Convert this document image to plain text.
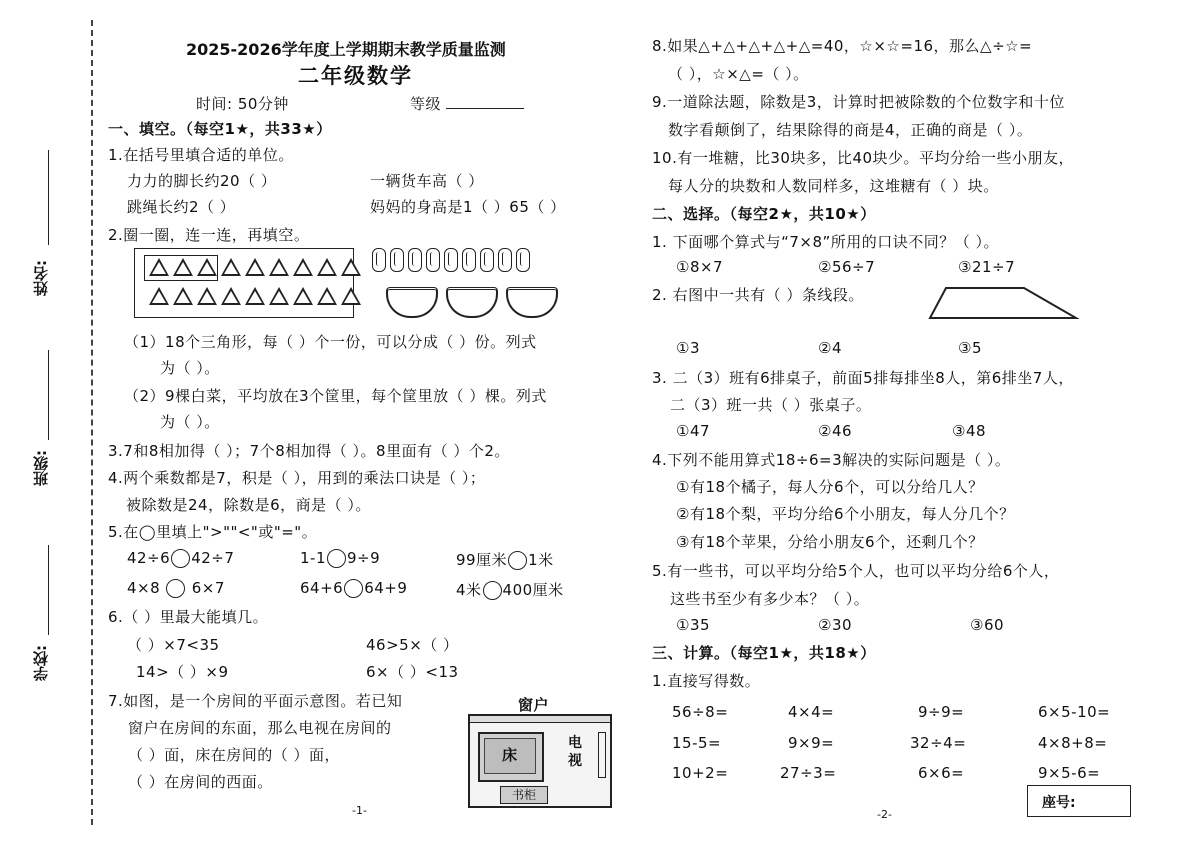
姓名:
班级:
学校:
2025-2026学年度上学期期末教学质量监测
二年级数学
时间: 50分钟	等级
一、填空。（每空1★，共33★）
1.在括号里填合适的单位。
力力的脚长约20（ ）	一辆货车高（ ）
跳绳长约2（ ）	妈妈的身高是1（ ）65（ ）
2.圈一圈，连一连，再填空。
（1）18个三角形，每（ ）个一份，可以分成（ ）份。列式
为（ ）。
（2）9棵白菜，平均放在3个筐里，每个筐里放（ ）棵。列式
为（ ）。
3.7和8相加得（ ）；7个8相加得（ ）。8里面有（ ）个2。
4.两个乘数都是7，积是（ ），用到的乘法口诀是（ ）；
被除数是24，除数是6，商是（ ）。
5.在◯里填上">""<"或"="。
42÷6 42÷7	1-1 9÷9	99厘米 1米
4×8 6×7	64+6 64+9	4米 400厘米
6.（ ）里最大能填几。
（ ）×7<35	46>5×（ ）
14>（ ）×9	6×（ ）<13
7.如图，是一个房间的平面示意图。若已知
窗户在房间的东面，那么电视在房间的
（ ）面，床在房间的（ ）面，
（ ）在房间的西面。
窗户
床
电视
书柜
-1-
8.如果△+△+△+△+△=40，☆×☆=16，那么△÷☆=
（ ），☆×△=（ ）。
9.一道除法题，除数是3，计算时把被除数的个位数字和十位
数字看颠倒了，结果除得的商是4，正确的商是（ ）。
10.有一堆糖，比30块多，比40块少。平均分给一些小朋友，
每人分的块数和人数同样多，这堆糖有（ ）块。
二、选择。（每空2★，共10★）
1. 下面哪个算式与“7×8”所用的口诀不同？（ ）。
①8×7	②56÷7	③21÷7
2. 右图中一共有（ ）条线段。
①3	②4	③5
3. 二（3）班有6排桌子，前面5排每排坐8人，第6排坐7人，
二（3）班一共（ ）张桌子。
①47	②46	③48
4.下列不能用算式18÷6=3解决的实际问题是（ ）。
①有18个橘子，每人分6个，可以分给几人？
②有18个梨，平均分给6个小朋友，每人分几个？
③有18个苹果，分给小朋友6个，还剩几个？
5.有一些书，可以平均分给5个人，也可以平均分给6个人，
这些书至少有多少本？（ ）。
①35	②30	③60
三、计算。（每空1★，共18★）
1.直接写得数。
56÷8=	4×4=	9÷9=	6×5-10=
15-5=	9×9=	32÷4=	4×8+8=
10+2=	27÷3=	6×6=	9×5-6=
座号:
-2-
